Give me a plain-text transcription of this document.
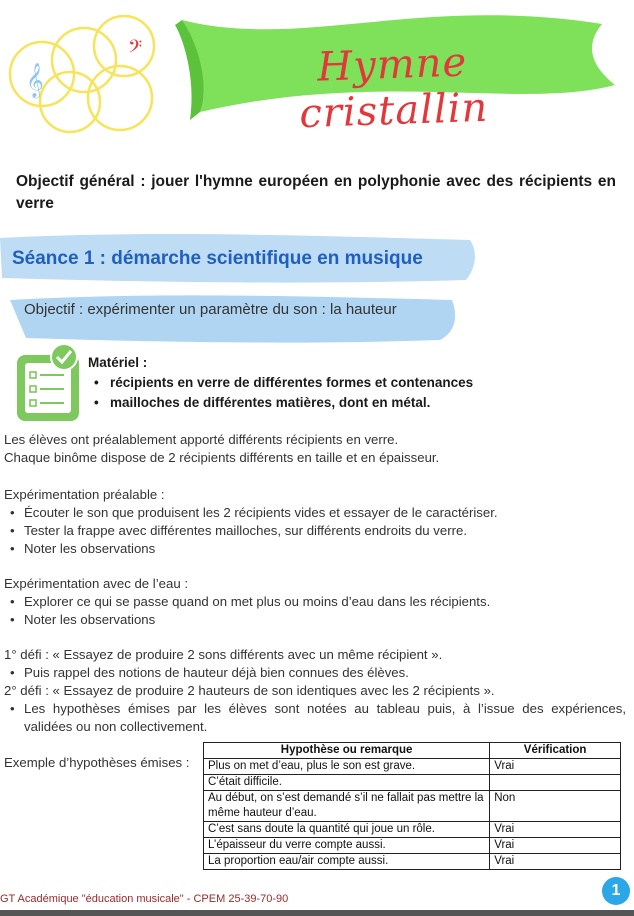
𝄞
𝄢	Hymne cristallin
Objectif général : jouer l'hymne européen en polyphonie avec des récipients en verre
Séance 1 : démarche scientifique en musique
Objectif : expérimenter un paramètre du son : la hauteur
Matériel :
• récipients en verre de différentes formes et contenances
• mailloches de différentes matières, dont en métal.
Les élèves ont préalablement apporté différents récipients en verre.
Chaque binôme dispose de 2 récipients différents en taille et en épaisseur.
Expérimentation préalable :
• Écouter le son que produisent les 2 récipients vides et essayer de le caractériser.
• Tester la frappe avec différentes mailloches, sur différents endroits du verre.
• Noter les observations
Expérimentation avec de l’eau :
• Explorer ce qui se passe quand on met plus ou moins d’eau dans les récipients.
• Noter les observations
1° défi : « Essayez de produire 2 sons différents avec un même récipient ».
• Puis rappel des notions de hauteur déjà bien connues des élèves.
2° défi : « Essayez de produire 2 hauteurs de son identiques avec les 2 récipients ».
• Les hypothèses émises par les élèves sont notées au tableau puis, à l’issue des expériences,
validées ou non collectivement.
Exemple d’hypothèses émises :
Hypothèse ou remarque	Vérification
Plus on met d’eau, plus le son est grave.	Vrai
C’était difficile.	
Au début, on s’est demandé s’il ne fallait pas mettre la même hauteur d’eau.	Non
C’est sans doute la quantité qui joue un rôle.	Vrai
L’épaisseur du verre compte aussi.	Vrai
La proportion eau/air compte aussi.	Vrai
GT Académique "éducation musicale" - CPEM 25-39-70-90	1
